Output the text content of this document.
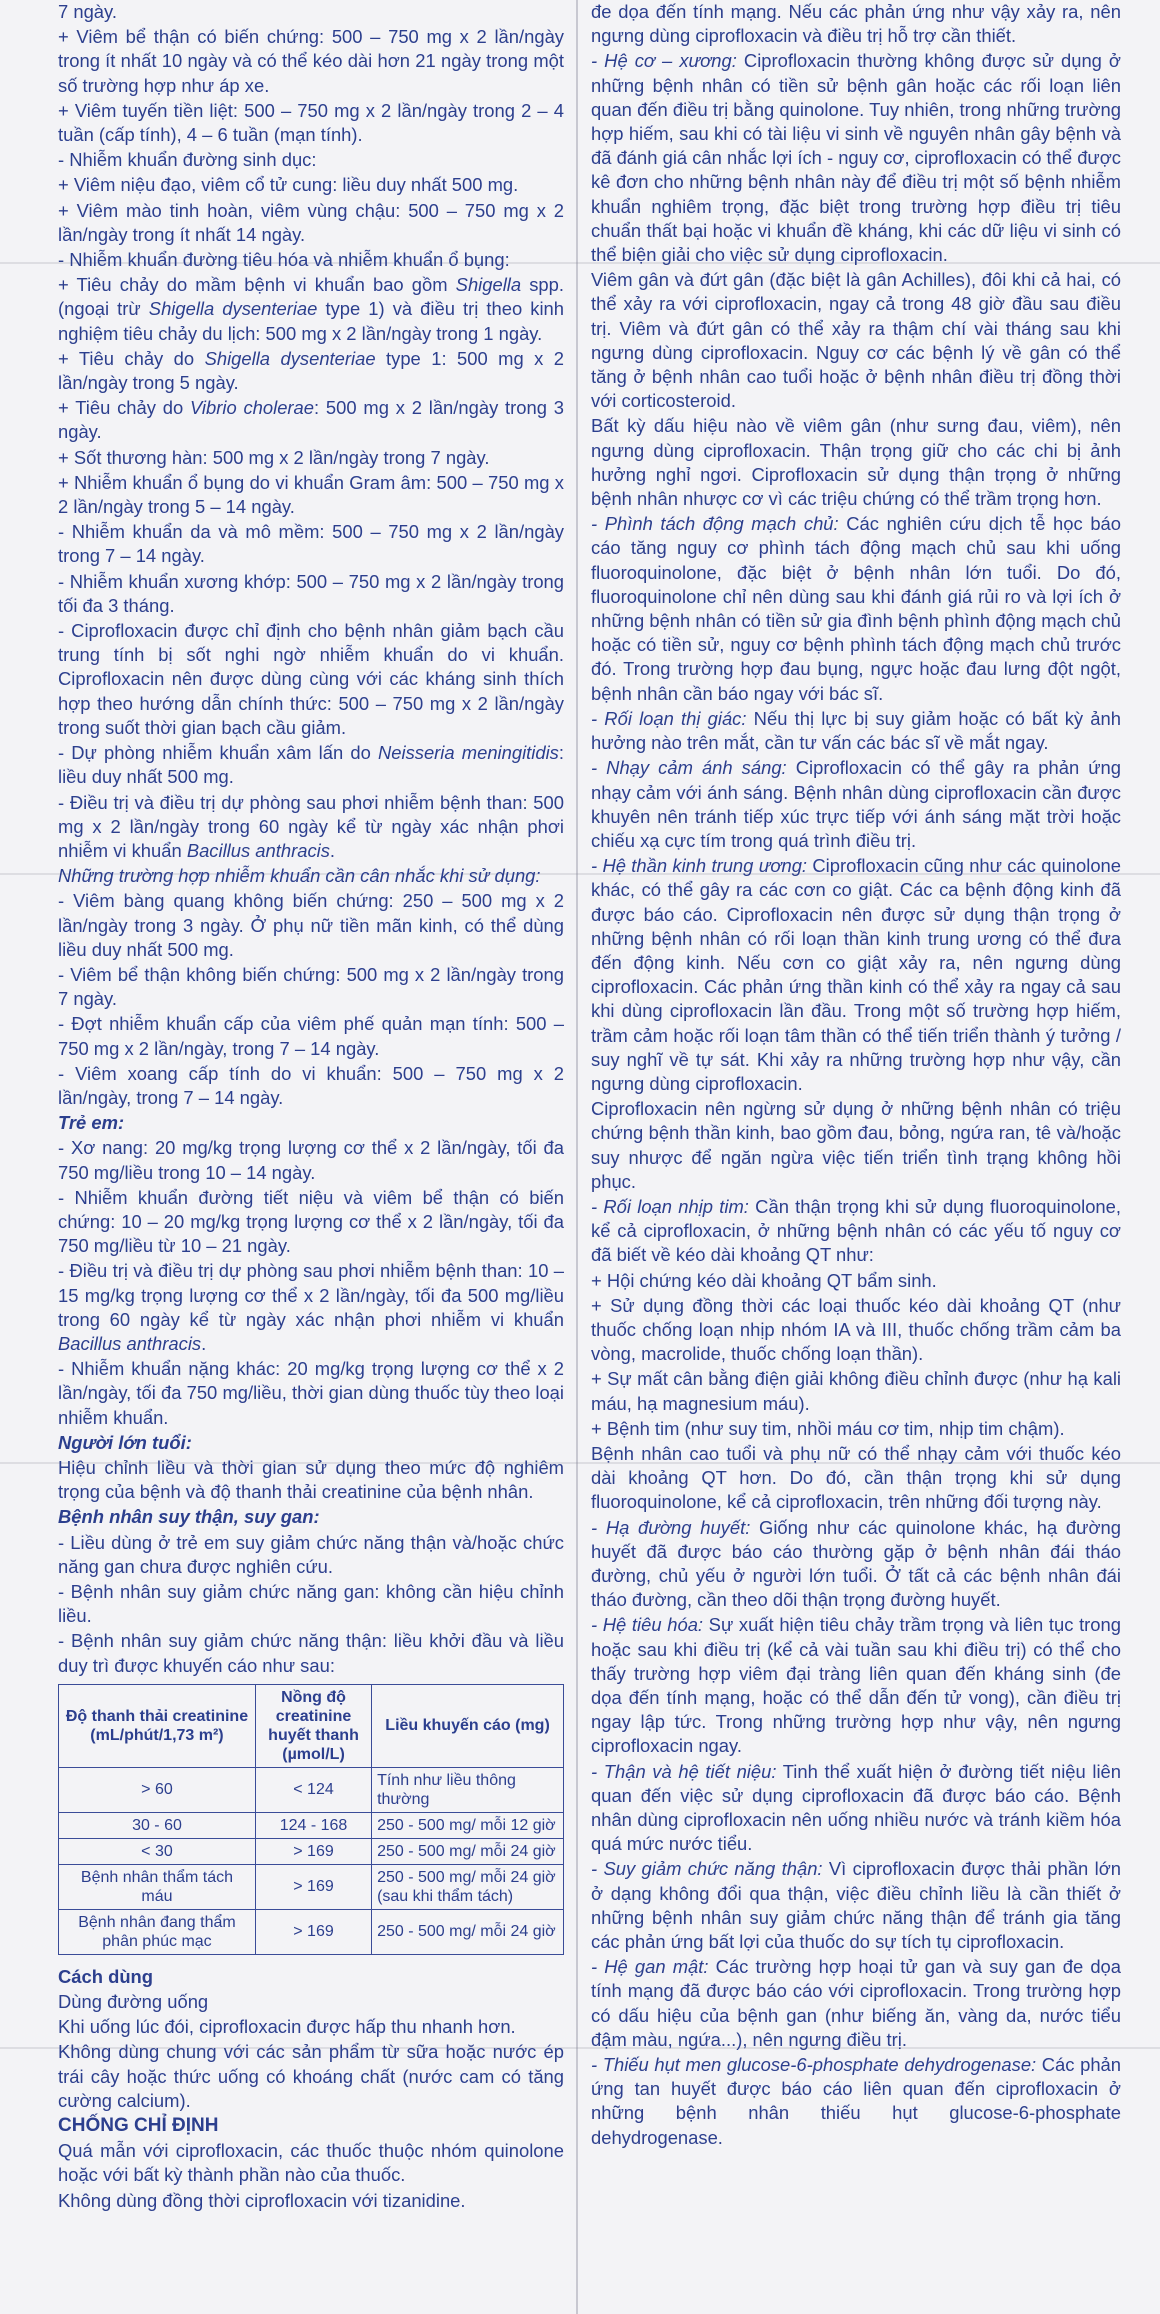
7 ngày.

+ Viêm bể thận có biến chứng: 500 – 750 mg x 2 lần/ngày trong ít nhất 10 ngày và có thể kéo dài hơn 21 ngày trong một số trường hợp như áp xe.

+ Viêm tuyến tiền liệt: 500 – 750 mg x 2 lần/ngày trong 2 – 4 tuần (cấp tính), 4 – 6 tuần (mạn tính).

- Nhiễm khuẩn đường sinh dục:

+ Viêm niệu đạo, viêm cổ tử cung: liều duy nhất 500 mg.

+ Viêm mào tinh hoàn, viêm vùng chậu: 500 – 750 mg x 2 lần/ngày trong ít nhất 14 ngày.

- Nhiễm khuẩn đường tiêu hóa và nhiễm khuẩn ổ bụng:

+ Tiêu chảy do mầm bệnh vi khuẩn bao gồm Shigella spp. (ngoại trừ Shigella dysenteriae type 1) và điều trị theo kinh nghiệm tiêu chảy du lịch: 500 mg x 2 lần/ngày trong 1 ngày.

+ Tiêu chảy do Shigella dysenteriae type 1: 500 mg x 2 lần/ngày trong 5 ngày.

+ Tiêu chảy do Vibrio cholerae: 500 mg x 2 lần/ngày trong 3 ngày.

+ Sốt thương hàn: 500 mg x 2 lần/ngày trong 7 ngày.

+ Nhiễm khuẩn ổ bụng do vi khuẩn Gram âm: 500 – 750 mg x 2 lần/ngày trong 5 – 14 ngày.

- Nhiễm khuẩn da và mô mềm: 500 – 750 mg x 2 lần/ngày trong 7 – 14 ngày.

- Nhiễm khuẩn xương khớp: 500 – 750 mg x 2 lần/ngày trong tối đa 3 tháng.

- Ciprofloxacin được chỉ định cho bệnh nhân giảm bạch cầu trung tính bị sốt nghi ngờ nhiễm khuẩn do vi khuẩn. Ciprofloxacin nên được dùng cùng với các kháng sinh thích hợp theo hướng dẫn chính thức: 500 – 750 mg x 2 lần/ngày trong suốt thời gian bạch cầu giảm.

- Dự phòng nhiễm khuẩn xâm lấn do Neisseria meningitidis: liều duy nhất 500 mg.

- Điều trị và điều trị dự phòng sau phơi nhiễm bệnh than: 500 mg x 2 lần/ngày trong 60 ngày kể từ ngày xác nhận phơi nhiễm vi khuẩn Bacillus anthracis.

Những trường hợp nhiễm khuẩn cần cân nhắc khi sử dụng:

- Viêm bàng quang không biến chứng: 250 – 500 mg x 2 lần/ngày trong 3 ngày. Ở phụ nữ tiền mãn kinh, có thể dùng liều duy nhất 500 mg.

- Viêm bể thận không biến chứng: 500 mg x 2 lần/ngày trong 7 ngày.

- Đợt nhiễm khuẩn cấp của viêm phế quản mạn tính: 500 – 750 mg x 2 lần/ngày, trong 7 – 14 ngày.

- Viêm xoang cấp tính do vi khuẩn: 500 – 750 mg x 2 lần/ngày, trong 7 – 14 ngày.

Trẻ em:

- Xơ nang: 20 mg/kg trọng lượng cơ thể x 2 lần/ngày, tối đa 750 mg/liều trong 10 – 14 ngày.

- Nhiễm khuẩn đường tiết niệu và viêm bể thận có biến chứng: 10 – 20 mg/kg trọng lượng cơ thể x 2 lần/ngày, tối đa 750 mg/liều từ 10 – 21 ngày.

- Điều trị và điều trị dự phòng sau phơi nhiễm bệnh than: 10 – 15 mg/kg trọng lượng cơ thể x 2 lần/ngày, tối đa 500 mg/liều trong 60 ngày kể từ ngày xác nhận phơi nhiễm vi khuẩn Bacillus anthracis.

- Nhiễm khuẩn nặng khác: 20 mg/kg trọng lượng cơ thể x 2 lần/ngày, tối đa 750 mg/liều, thời gian dùng thuốc tùy theo loại nhiễm khuẩn.

Người lớn tuổi:

Hiệu chỉnh liều và thời gian sử dụng theo mức độ nghiêm trọng của bệnh và độ thanh thải creatinine của bệnh nhân.

Bệnh nhân suy thận, suy gan:

- Liều dùng ở trẻ em suy giảm chức năng thận và/hoặc chức năng gan chưa được nghiên cứu.

- Bệnh nhân suy giảm chức năng gan: không cần hiệu chỉnh liều.

- Bệnh nhân suy giảm chức năng thận: liều khởi đầu và liều duy trì được khuyến cáo như sau:

Độ thanh thải creatinine (mL/phút/1,73 m²)	Nồng độ creatinine huyết thanh (µmol/L)	Liều khuyến cáo (mg)
> 60	< 124	Tính như liều thông thường
30 - 60	124 - 168	250 - 500 mg/ mỗi 12 giờ
< 30	> 169	250 - 500 mg/ mỗi 24 giờ
Bệnh nhân thẩm tách máu	> 169	250 - 500 mg/ mỗi 24 giờ (sau khi thẩm tách)
Bệnh nhân đang thẩm phân phúc mạc	> 169	250 - 500 mg/ mỗi 24 giờ

Cách dùng

Dùng đường uống

Khi uống lúc đói, ciprofloxacin được hấp thu nhanh hơn.

Không dùng chung với các sản phẩm từ sữa hoặc nước ép trái cây hoặc thức uống có khoáng chất (nước cam có tăng cường calcium).

CHỐNG CHỈ ĐỊNH

Quá mẫn với ciprofloxacin, các thuốc thuộc nhóm quinolone hoặc với bất kỳ thành phần nào của thuốc.

Không dùng đồng thời ciprofloxacin với tizanidine.

đe dọa đến tính mạng. Nếu các phản ứng như vậy xảy ra, nên ngưng dùng ciprofloxacin và điều trị hỗ trợ cần thiết.

- Hệ cơ – xương: Ciprofloxacin thường không được sử dụng ở những bệnh nhân có tiền sử bệnh gân hoặc các rối loạn liên quan đến điều trị bằng quinolone. Tuy nhiên, trong những trường hợp hiếm, sau khi có tài liệu vi sinh về nguyên nhân gây bệnh và đã đánh giá cân nhắc lợi ích - nguy cơ, ciprofloxacin có thể được kê đơn cho những bệnh nhân này để điều trị một số bệnh nhiễm khuẩn nghiêm trọng, đặc biệt trong trường hợp điều trị tiêu chuẩn thất bại hoặc vi khuẩn đề kháng, khi các dữ liệu vi sinh có thể biện giải cho việc sử dụng ciprofloxacin.

Viêm gân và đứt gân (đặc biệt là gân Achilles), đôi khi cả hai, có thể xảy ra với ciprofloxacin, ngay cả trong 48 giờ đầu sau điều trị. Viêm và đứt gân có thể xảy ra thậm chí vài tháng sau khi ngưng dùng ciprofloxacin. Nguy cơ các bệnh lý về gân có thể tăng ở bệnh nhân cao tuổi hoặc ở bệnh nhân điều trị đồng thời với corticosteroid.

Bất kỳ dấu hiệu nào về viêm gân (như sưng đau, viêm), nên ngưng dùng ciprofloxacin. Thận trọng giữ cho các chi bị ảnh hưởng nghỉ ngơi. Ciprofloxacin sử dụng thận trọng ở những bệnh nhân nhược cơ vì các triệu chứng có thể trầm trọng hơn.

- Phình tách động mạch chủ: Các nghiên cứu dịch tễ học báo cáo tăng nguy cơ phình tách động mạch chủ sau khi uống fluoroquinolone, đặc biệt ở bệnh nhân lớn tuổi. Do đó, fluoroquinolone chỉ nên dùng sau khi đánh giá rủi ro và lợi ích ở những bệnh nhân có tiền sử gia đình bệnh phình động mạch chủ hoặc có tiền sử, nguy cơ bệnh phình tách động mạch chủ trước đó. Trong trường hợp đau bụng, ngực hoặc đau lưng đột ngột, bệnh nhân cần báo ngay với bác sĩ.

- Rối loạn thị giác: Nếu thị lực bị suy giảm hoặc có bất kỳ ảnh hưởng nào trên mắt, cần tư vấn các bác sĩ về mắt ngay.

- Nhạy cảm ánh sáng: Ciprofloxacin có thể gây ra phản ứng nhạy cảm với ánh sáng. Bệnh nhân dùng ciprofloxacin cần được khuyên nên tránh tiếp xúc trực tiếp với ánh sáng mặt trời hoặc chiếu xạ cực tím trong quá trình điều trị.

- Hệ thần kinh trung ương: Ciprofloxacin cũng như các quinolone khác, có thể gây ra các cơn co giật. Các ca bệnh động kinh đã được báo cáo. Ciprofloxacin nên được sử dụng thận trọng ở những bệnh nhân có rối loạn thần kinh trung ương có thể đưa đến động kinh. Nếu cơn co giật xảy ra, nên ngưng dùng ciprofloxacin. Các phản ứng thần kinh có thể xảy ra ngay cả sau khi dùng ciprofloxacin lần đầu. Trong một số trường hợp hiếm, trầm cảm hoặc rối loạn tâm thần có thể tiến triển thành ý tưởng / suy nghĩ về tự sát. Khi xảy ra những trường hợp như vậy, cần ngưng dùng ciprofloxacin.

Ciprofloxacin nên ngừng sử dụng ở những bệnh nhân có triệu chứng bệnh thần kinh, bao gồm đau, bỏng, ngứa ran, tê và/hoặc suy nhược để ngăn ngừa việc tiến triển tình trạng không hồi phục.

- Rối loạn nhịp tim: Cần thận trọng khi sử dụng fluoroquinolone, kể cả ciprofloxacin, ở những bệnh nhân có các yếu tố nguy cơ đã biết về kéo dài khoảng QT như:

+ Hội chứng kéo dài khoảng QT bẩm sinh.

+ Sử dụng đồng thời các loại thuốc kéo dài khoảng QT (như thuốc chống loạn nhịp nhóm IA và III, thuốc chống trầm cảm ba vòng, macrolide, thuốc chống loạn thần).

+ Sự mất cân bằng điện giải không điều chỉnh được (như hạ kali máu, hạ magnesium máu).

+ Bệnh tim (như suy tim, nhồi máu cơ tim, nhịp tim chậm).

Bệnh nhân cao tuổi và phụ nữ có thể nhạy cảm với thuốc kéo dài khoảng QT hơn. Do đó, cần thận trọng khi sử dụng fluoroquinolone, kể cả ciprofloxacin, trên những đối tượng này.

- Hạ đường huyết: Giống như các quinolone khác, hạ đường huyết đã được báo cáo thường gặp ở bệnh nhân đái tháo đường, chủ yếu ở người lớn tuổi. Ở tất cả các bệnh nhân đái tháo đường, cần theo dõi thận trọng đường huyết.

- Hệ tiêu hóa: Sự xuất hiện tiêu chảy trầm trọng và liên tục trong hoặc sau khi điều trị (kể cả vài tuần sau khi điều trị) có thể cho thấy trường hợp viêm đại tràng liên quan đến kháng sinh (đe dọa đến tính mạng, hoặc có thể dẫn đến tử vong), cần điều trị ngay lập tức. Trong những trường hợp như vậy, nên ngưng ciprofloxacin ngay.

- Thận và hệ tiết niệu: Tinh thể xuất hiện ở đường tiết niệu liên quan đến việc sử dụng ciprofloxacin đã được báo cáo. Bệnh nhân dùng ciprofloxacin nên uống nhiều nước và tránh kiềm hóa quá mức nước tiểu.

- Suy giảm chức năng thận: Vì ciprofloxacin được thải phần lớn ở dạng không đổi qua thận, việc điều chỉnh liều là cần thiết ở những bệnh nhân suy giảm chức năng thận để tránh gia tăng các phản ứng bất lợi của thuốc do sự tích tụ ciprofloxacin.

- Hệ gan mật: Các trường hợp hoại tử gan và suy gan đe dọa tính mạng đã được báo cáo với ciprofloxacin. Trong trường hợp có dấu hiệu của bệnh gan (như biếng ăn, vàng da, nước tiểu đậm màu, ngứa...), nên ngưng điều trị.

- Thiếu hụt men glucose-6-phosphate dehydrogenase: Các phản ứng tan huyết được báo cáo liên quan đến ciprofloxacin ở những bệnh nhân thiếu hụt glucose-6-phosphate dehydrogenase.
